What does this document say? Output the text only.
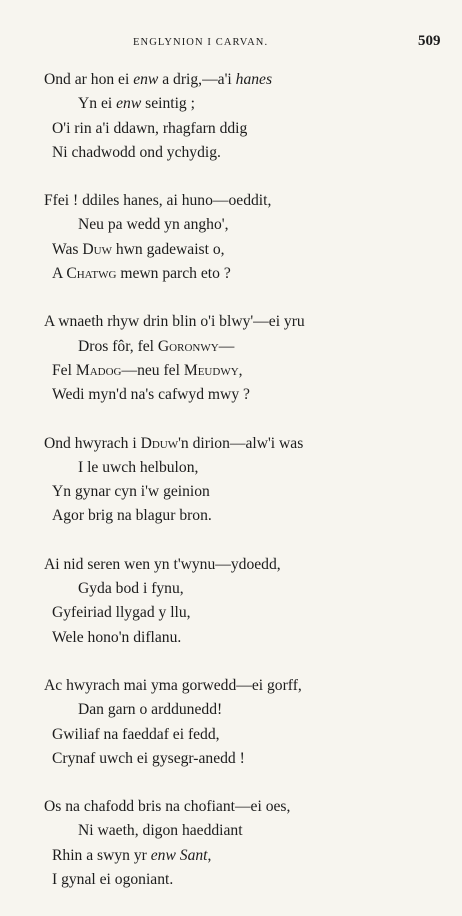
ENGLYNION I CARVAN.	509
Ond ar hon ei enw a drig,—a'i hanes
Yn ei enw seintig ;
O'i rin a'i ddawn, rhagfarn ddig
Ni chadwodd ond ychydig.
Ffei ! ddiles hanes, ai huno—oeddit,
Neu pa wedd yn angho',
Was Duw hwn gadewaist o,
A Chatwg mewn parch eto ?
A wnaeth rhyw drin blin o'i blwy'—ei yru
Dros fôr, fel Goronwy—
Fel Madog—neu fel Meudwy,
Wedi myn'd na's cafwyd mwy ?
Ond hwyrach i Dduw'n dirion—alw'i was
I le uwch helbulon,
Yn gynar cyn i'w geinion
Agor brig na blagur bron.
Ai nid seren wen yn t'wynu—ydoedd,
Gyda bod i fynu,
Gyfeiriad llygad y llu,
Wele hono'n diflanu.
Ac hwyrach mai yma gorwedd—ei gorff,
Dan garn o arddunedd!
Gwiliaf na faeddaf ei fedd,
Crynaf uwch ei gysegr-anedd !
Os na chafodd bris na chofiant—ei oes,
Ni waeth, digon haeddiant
Rhin a swyn yr enw Sant,
I gynal ei ogoniant.
